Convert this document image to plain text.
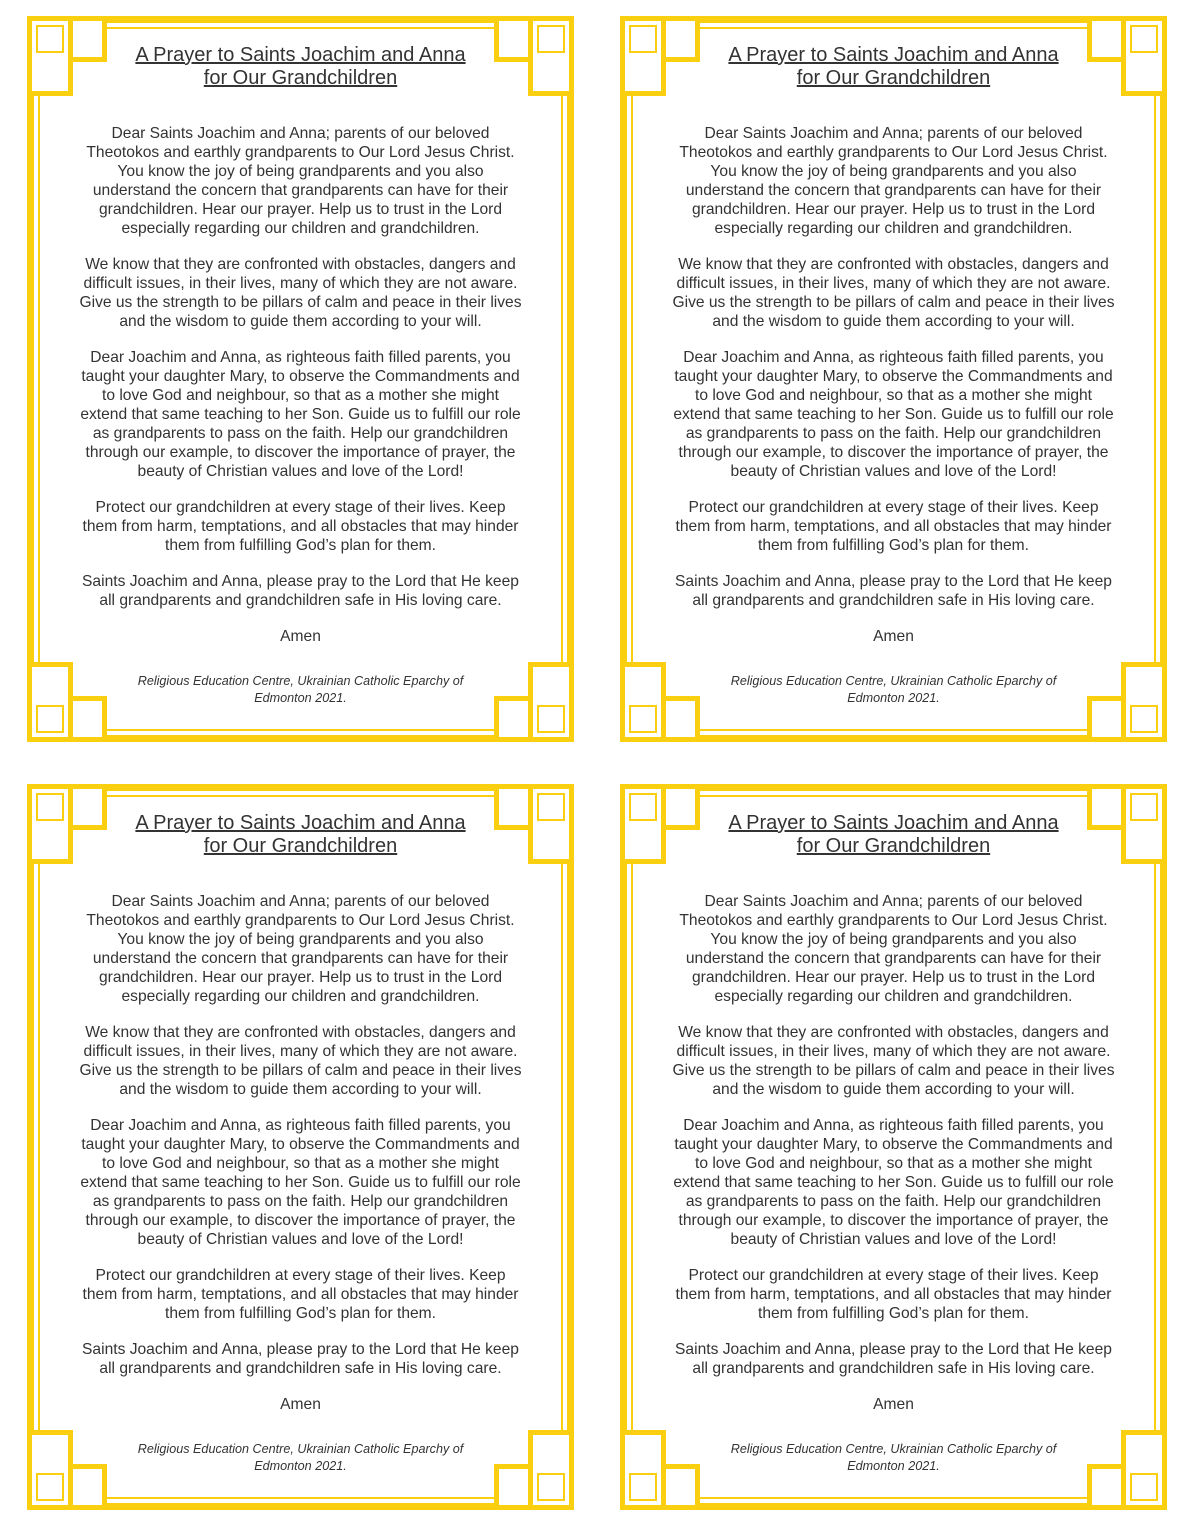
A Prayer to Saints Joachim and Anna

for Our Grandchildren

Dear Saints Joachim and Anna; parents of our beloved
Theotokos and earthly grandparents to Our Lord Jesus Christ.
You know the joy of being grandparents and you also
understand the concern that grandparents can have for their
grandchildren. Hear our prayer. Help us to trust in the Lord
especially regarding our children and grandchildren.

We know that they are confronted with obstacles, dangers and
difficult issues, in their lives, many of which they are not aware.
Give us the strength to be pillars of calm and peace in their lives
and the wisdom to guide them according to your will.

Dear Joachim and Anna, as righteous faith filled parents, you
taught your daughter Mary, to observe the Commandments and
to love God and neighbour, so that as a mother she might
extend that same teaching to her Son. Guide us to fulfill our role
as grandparents to pass on the faith. Help our grandchildren
through our example, to discover the importance of prayer, the
beauty of Christian values and love of the Lord!

Protect our grandchildren at every stage of their lives. Keep
them from harm, temptations, and all obstacles that may hinder
them from fulfilling God’s plan for them.

Saints Joachim and Anna, please pray to the Lord that He keep
all grandparents and grandchildren safe in His loving care.

Amen

Religious Education Centre, Ukrainian Catholic Eparchy of
Edmonton 2021.

A Prayer to Saints Joachim and Anna

for Our Grandchildren

Dear Saints Joachim and Anna; parents of our beloved
Theotokos and earthly grandparents to Our Lord Jesus Christ.
You know the joy of being grandparents and you also
understand the concern that grandparents can have for their
grandchildren. Hear our prayer. Help us to trust in the Lord
especially regarding our children and grandchildren.

We know that they are confronted with obstacles, dangers and
difficult issues, in their lives, many of which they are not aware.
Give us the strength to be pillars of calm and peace in their lives
and the wisdom to guide them according to your will.

Dear Joachim and Anna, as righteous faith filled parents, you
taught your daughter Mary, to observe the Commandments and
to love God and neighbour, so that as a mother she might
extend that same teaching to her Son. Guide us to fulfill our role
as grandparents to pass on the faith. Help our grandchildren
through our example, to discover the importance of prayer, the
beauty of Christian values and love of the Lord!

Protect our grandchildren at every stage of their lives. Keep
them from harm, temptations, and all obstacles that may hinder
them from fulfilling God’s plan for them.

Saints Joachim and Anna, please pray to the Lord that He keep
all grandparents and grandchildren safe in His loving care.

Amen

Religious Education Centre, Ukrainian Catholic Eparchy of
Edmonton 2021.

A Prayer to Saints Joachim and Anna

for Our Grandchildren

Dear Saints Joachim and Anna; parents of our beloved
Theotokos and earthly grandparents to Our Lord Jesus Christ.
You know the joy of being grandparents and you also
understand the concern that grandparents can have for their
grandchildren. Hear our prayer. Help us to trust in the Lord
especially regarding our children and grandchildren.

We know that they are confronted with obstacles, dangers and
difficult issues, in their lives, many of which they are not aware.
Give us the strength to be pillars of calm and peace in their lives
and the wisdom to guide them according to your will.

Dear Joachim and Anna, as righteous faith filled parents, you
taught your daughter Mary, to observe the Commandments and
to love God and neighbour, so that as a mother she might
extend that same teaching to her Son. Guide us to fulfill our role
as grandparents to pass on the faith. Help our grandchildren
through our example, to discover the importance of prayer, the
beauty of Christian values and love of the Lord!

Protect our grandchildren at every stage of their lives. Keep
them from harm, temptations, and all obstacles that may hinder
them from fulfilling God’s plan for them.

Saints Joachim and Anna, please pray to the Lord that He keep
all grandparents and grandchildren safe in His loving care.

Amen

Religious Education Centre, Ukrainian Catholic Eparchy of
Edmonton 2021.

A Prayer to Saints Joachim and Anna

for Our Grandchildren

Dear Saints Joachim and Anna; parents of our beloved
Theotokos and earthly grandparents to Our Lord Jesus Christ.
You know the joy of being grandparents and you also
understand the concern that grandparents can have for their
grandchildren. Hear our prayer. Help us to trust in the Lord
especially regarding our children and grandchildren.

We know that they are confronted with obstacles, dangers and
difficult issues, in their lives, many of which they are not aware.
Give us the strength to be pillars of calm and peace in their lives
and the wisdom to guide them according to your will.

Dear Joachim and Anna, as righteous faith filled parents, you
taught your daughter Mary, to observe the Commandments and
to love God and neighbour, so that as a mother she might
extend that same teaching to her Son. Guide us to fulfill our role
as grandparents to pass on the faith. Help our grandchildren
through our example, to discover the importance of prayer, the
beauty of Christian values and love of the Lord!

Protect our grandchildren at every stage of their lives. Keep
them from harm, temptations, and all obstacles that may hinder
them from fulfilling God’s plan for them.

Saints Joachim and Anna, please pray to the Lord that He keep
all grandparents and grandchildren safe in His loving care.

Amen

Religious Education Centre, Ukrainian Catholic Eparchy of
Edmonton 2021.
